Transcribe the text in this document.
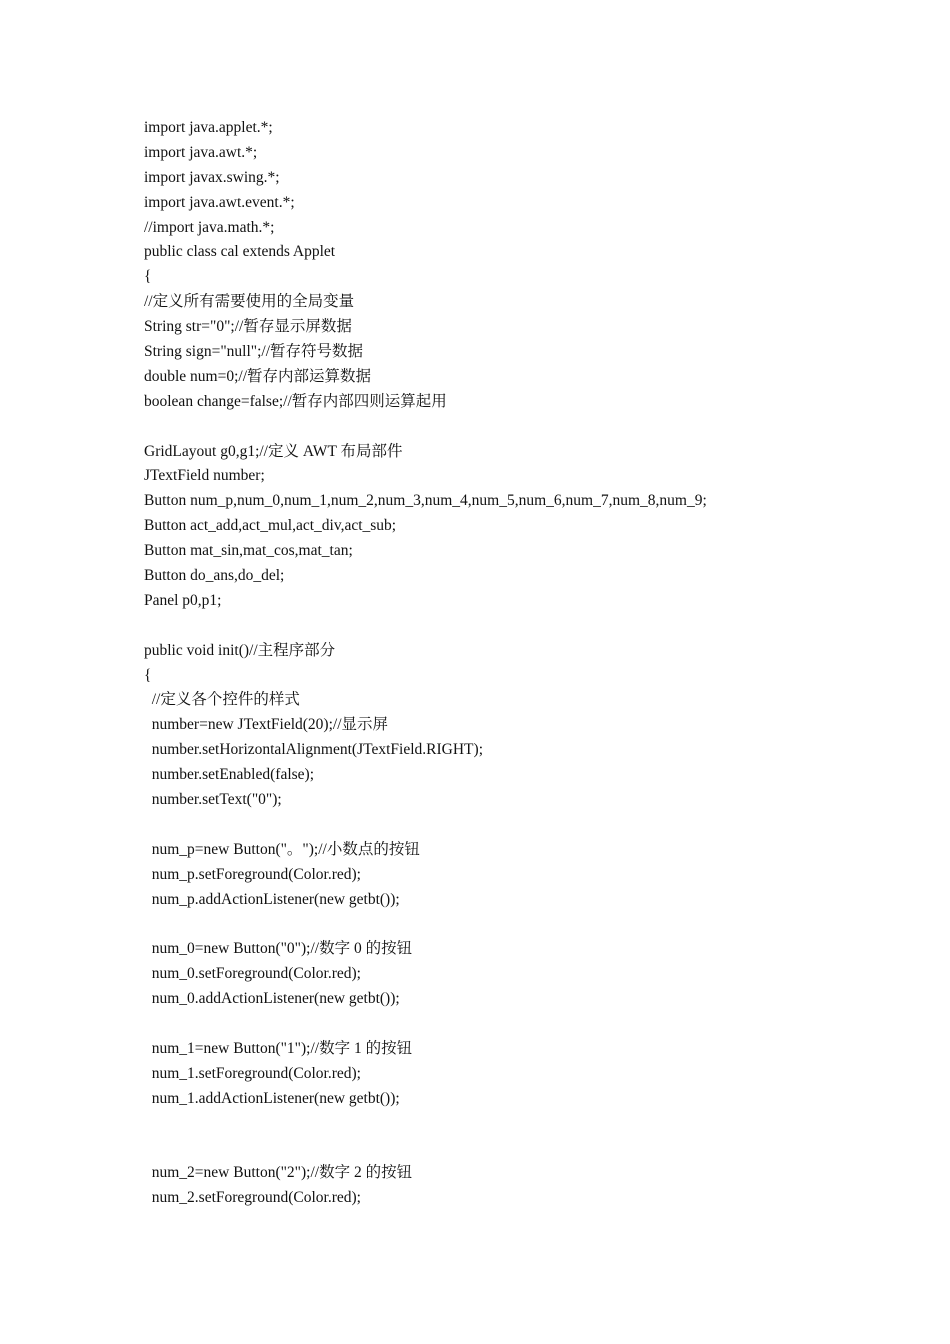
import java.applet.*;
import java.awt.*;
import javax.swing.*;
import java.awt.event.*;
//import java.math.*;
public class cal extends Applet
{
//定义所有需要使用的全局变量
String str="0";//暂存显示屏数据
String sign="null";//暂存符号数据
double num=0;//暂存内部运算数据
boolean change=false;//暂存内部四则运算起用
GridLayout g0,g1;//定义 AWT 布局部件
JTextField number;
Button num_p,num_0,num_1,num_2,num_3,num_4,num_5,num_6,num_7,num_8,num_9;
Button act_add,act_mul,act_div,act_sub;
Button mat_sin,mat_cos,mat_tan;
Button do_ans,do_del;
Panel p0,p1;
public void init()//主程序部分
{
//定义各个控件的样式
number=new JTextField(20);//显示屏
number.setHorizontalAlignment(JTextField.RIGHT);
number.setEnabled(false);
number.setText("0");
num_p=new Button("。");//小数点的按钮
num_p.setForeground(Color.red);
num_p.addActionListener(new getbt());
num_0=new Button("0");//数字 0 的按钮
num_0.setForeground(Color.red);
num_0.addActionListener(new getbt());
num_1=new Button("1");//数字 1 的按钮
num_1.setForeground(Color.red);
num_1.addActionListener(new getbt());
num_2=new Button("2");//数字 2 的按钮
num_2.setForeground(Color.red);
